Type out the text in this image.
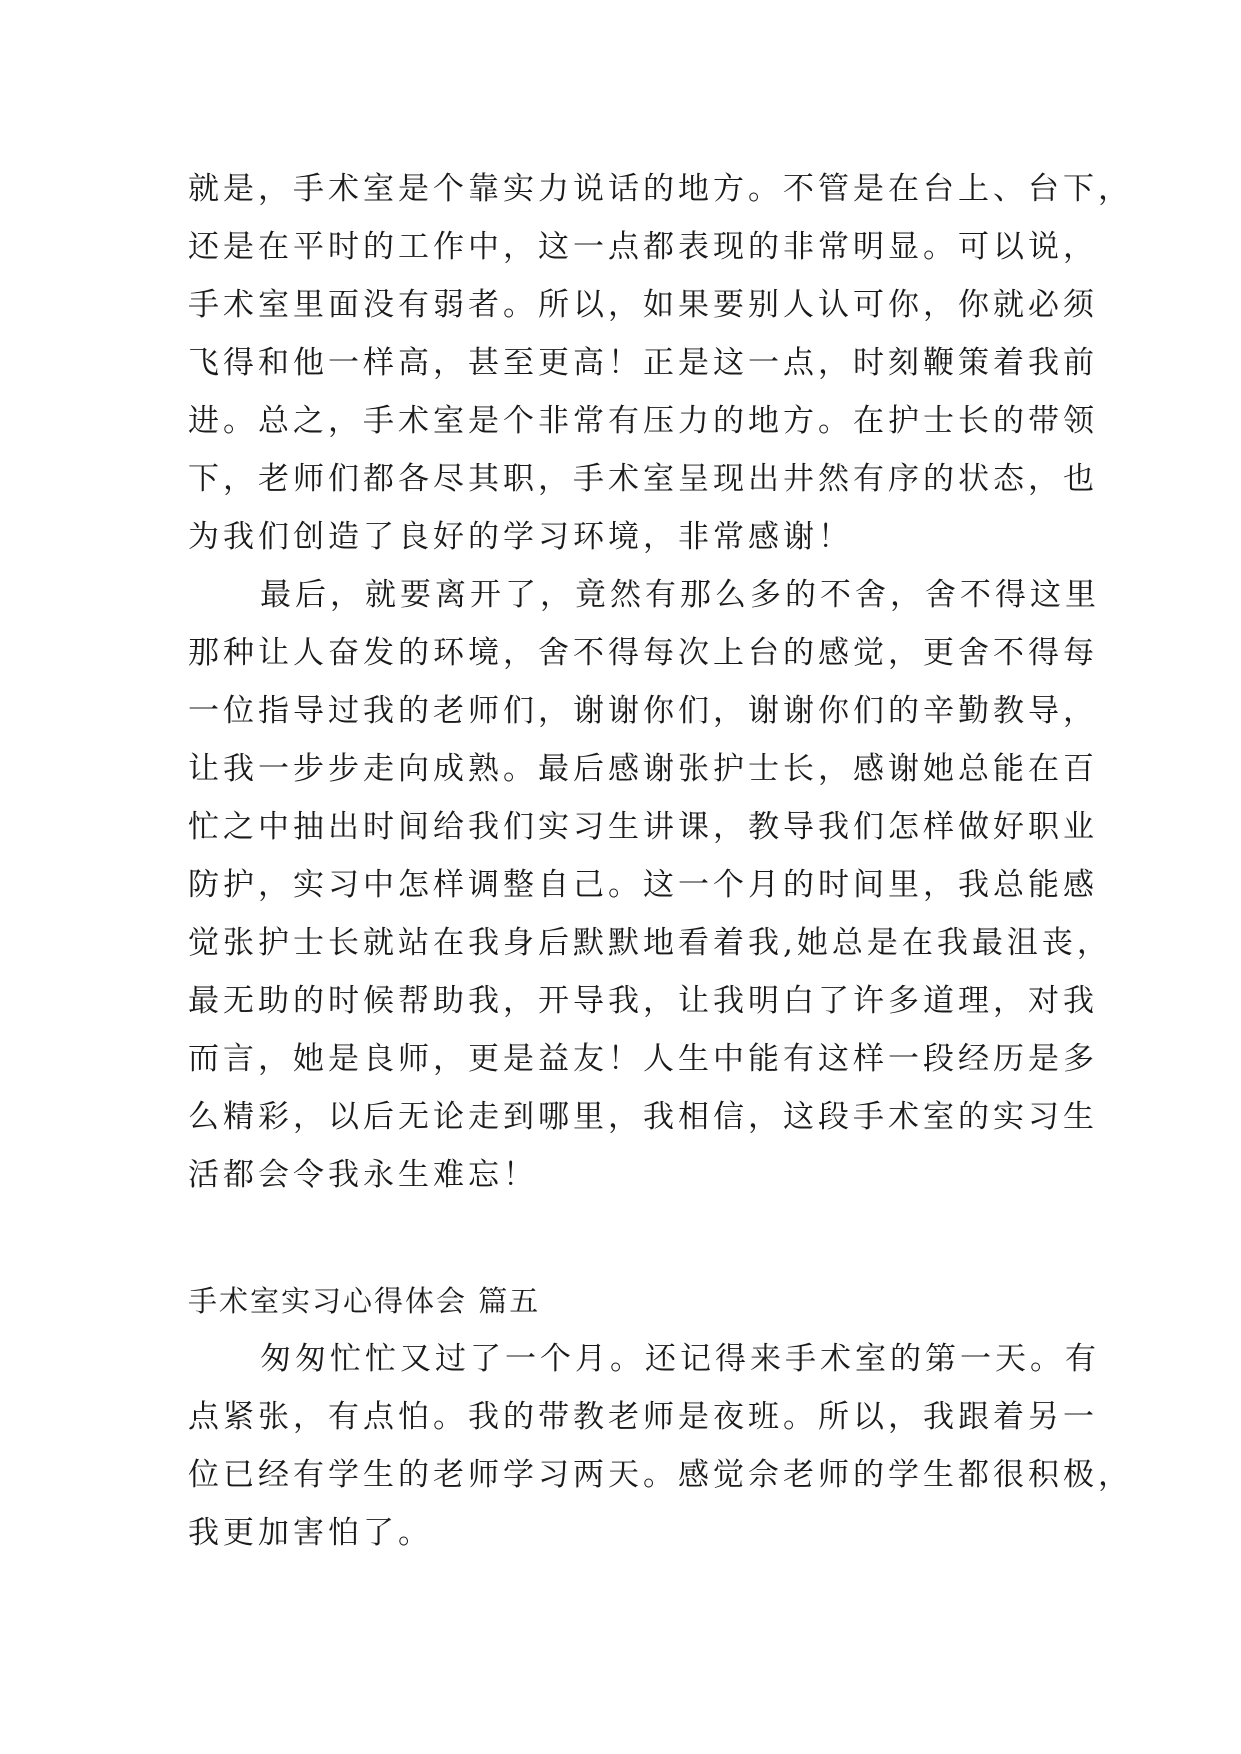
就是，手术室是个靠实力说话的地方。不管是在台上、台下，
还是在平时的工作中，这一点都表现的非常明显。可以说，
手术室里面没有弱者。所以，如果要别人认可你，你就必须
飞得和他一样高，甚至更高！正是这一点，时刻鞭策着我前
进。总之，手术室是个非常有压力的地方。在护士长的带领
下，老师们都各尽其职，手术室呈现出井然有序的状态，也
为我们创造了良好的学习环境，非常感谢！
最后，就要离开了，竟然有那么多的不舍，舍不得这里
那种让人奋发的环境，舍不得每次上台的感觉，更舍不得每
一位指导过我的老师们，谢谢你们，谢谢你们的辛勤教导，
让我一步步走向成熟。最后感谢张护士长，感谢她总能在百
忙之中抽出时间给我们实习生讲课，教导我们怎样做好职业
防护，实习中怎样调整自己。这一个月的时间里，我总能感
觉张护士长就站在我身后默默地看着我,她总是在我最沮丧，
最无助的时候帮助我，开导我，让我明白了许多道理，对我
而言，她是良师，更是益友！人生中能有这样一段经历是多
么精彩，以后无论走到哪里，我相信，这段手术室的实习生
活都会令我永生难忘！
手术室实习心得体会 篇五
匆匆忙忙又过了一个月。还记得来手术室的第一天。有
点紧张，有点怕。我的带教老师是夜班。所以，我跟着另一
位已经有学生的老师学习两天。感觉佘老师的学生都很积极，
我更加害怕了。
